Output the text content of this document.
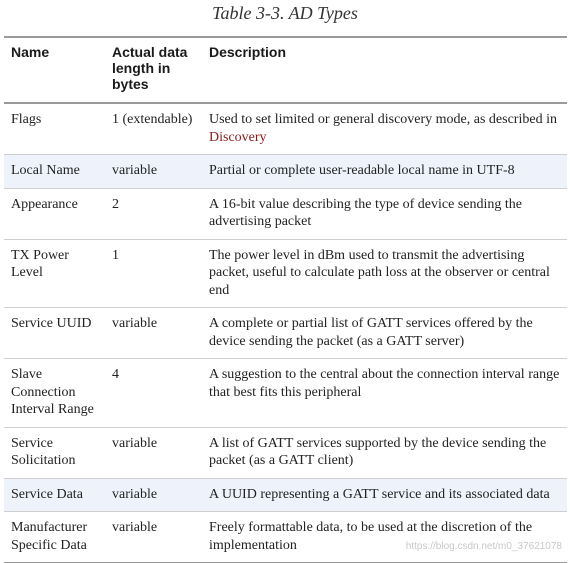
Table 3-3. AD Types
Name	Actual data length in bytes	Description
Flags	1 (extendable)	Used to set limited or general discovery mode, as described in Discovery
Local Name	variable	Partial or complete user-readable local name in UTF-8
Appearance	2	A 16-bit value describing the type of device sending the advertising packet
TX Power Level	1	The power level in dBm used to transmit the advertising packet, useful to calculate path loss at the observer or central end
Service UUID	variable	A complete or partial list of GATT services offered by the device sending the packet (as a GATT server)
Slave Connection Interval Range	4	A suggestion to the central about the connection interval range that best fits this peripheral
Service Solicitation	variable	A list of GATT services supported by the device sending the packet (as a GATT client)
Service Data	variable	A UUID representing a GATT service and its associated data
Manufacturer Specific Data	variable	Freely formattable data, to be used at the discretion of the implementation	https://blog.csdn.net/m0_37621078
